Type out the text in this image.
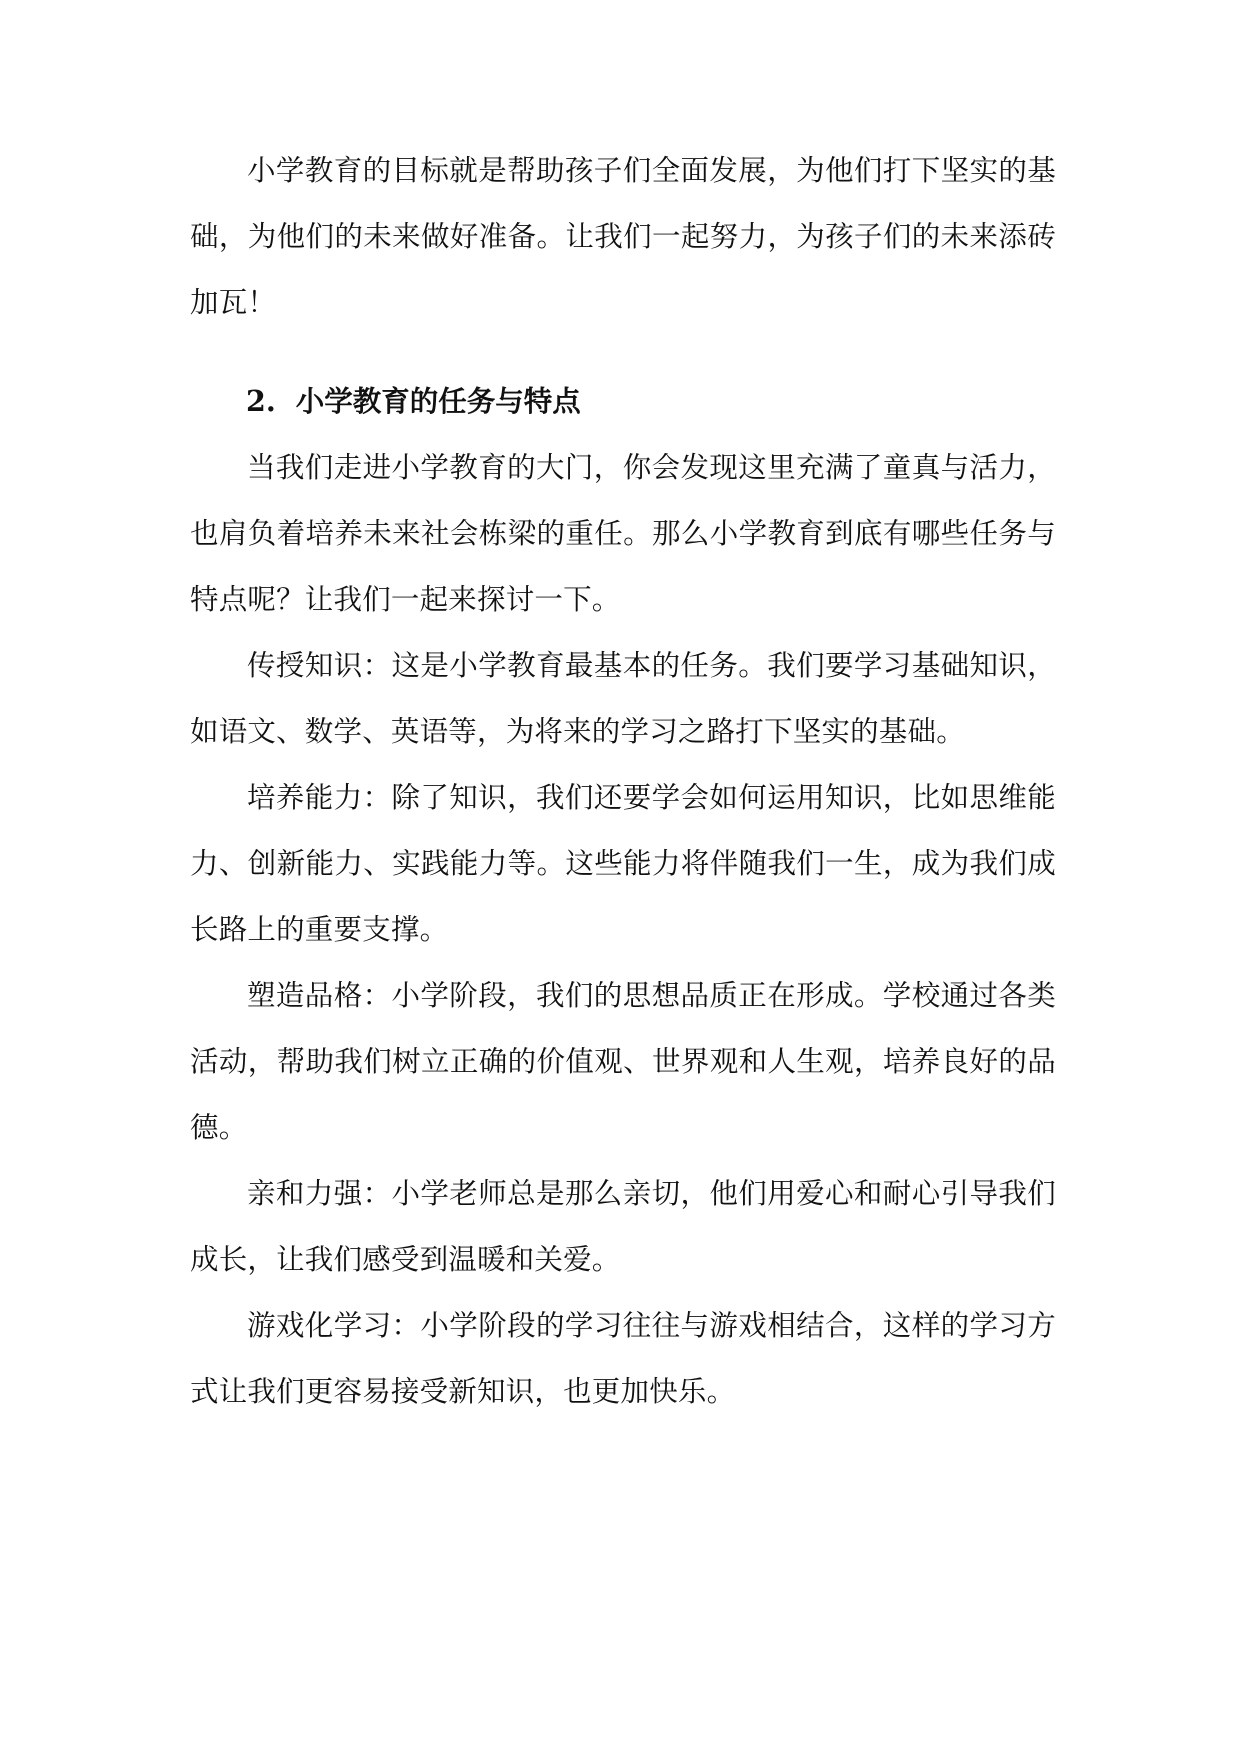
小学教育的目标就是帮助孩子们全面发展，为他们打下坚实的基础，为他们的未来做好准备。让我们一起努力，为孩子们的未来添砖加瓦！

2. 小学教育的任务与特点

当我们走进小学教育的大门，你会发现这里充满了童真与活力，也肩负着培养未来社会栋梁的重任。那么小学教育到底有哪些任务与特点呢？让我们一起来探讨一下。

传授知识：这是小学教育最基本的任务。我们要学习基础知识，如语文、数学、英语等，为将来的学习之路打下坚实的基础。

培养能力：除了知识，我们还要学会如何运用知识，比如思维能力、创新能力、实践能力等。这些能力将伴随我们一生，成为我们成长路上的重要支撑。

塑造品格：小学阶段，我们的思想品质正在形成。学校通过各类活动，帮助我们树立正确的价值观、世界观和人生观，培养良好的品德。

亲和力强：小学老师总是那么亲切，他们用爱心和耐心引导我们成长，让我们感受到温暖和关爱。

游戏化学习：小学阶段的学习往往与游戏相结合，这样的学习方式让我们更容易接受新知识，也更加快乐。
